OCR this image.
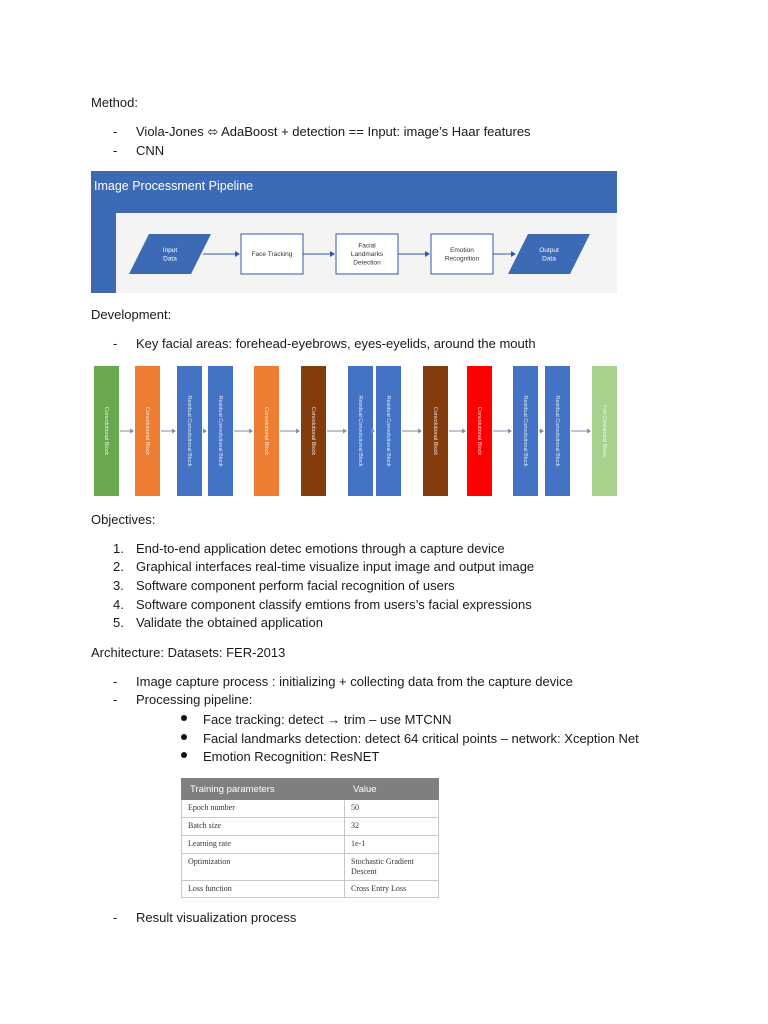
Method:
- Viola-Jones ⬄ AdaBoost + detection == Input: image’s Haar features
- CNN
Image Processment Pipeline
Input Data
Face Tracking
Facial Landmarks Detection
Emotion Recognition
Output Data
Development:
- Key facial areas: forehead-eyebrows, eyes-eyelids, around the mouth
Convolutional Block	Convolutional Block	Residual Convolutional Block	Residual Convolutional Block	Convolutional Block	Convolutional Block	Residual Convolutional Block	Residual Convolutional Block	Convolutional Block	Convolutional Block	Residual Convolutional Block	Residual Convolutional Block	Full Connected Block
Objectives:
1. End-to-end application detec emotions through a capture device
2. Graphical interfaces real-time visualize input image and output image
3. Software component perform facial recognition of users
4. Software component classify emtions from users’s facial expressions
5. Validate the obtained application
Architecture: Datasets: FER-2013
- Image capture process : initializing + collecting data from the capture device
- Processing pipeline:
Face tracking: detect → trim – use MTCNN
Facial landmarks detection: detect 64 critical points – network: Xception Net
Emotion Recognition: ResNET
Training parameters	Value
Epoch number	50
Batch size	32
Learning rate	1e-1
Optimization	Stochastic Gradient
Descent
Loss function	Cross Entry Loss
- Result visualization process
